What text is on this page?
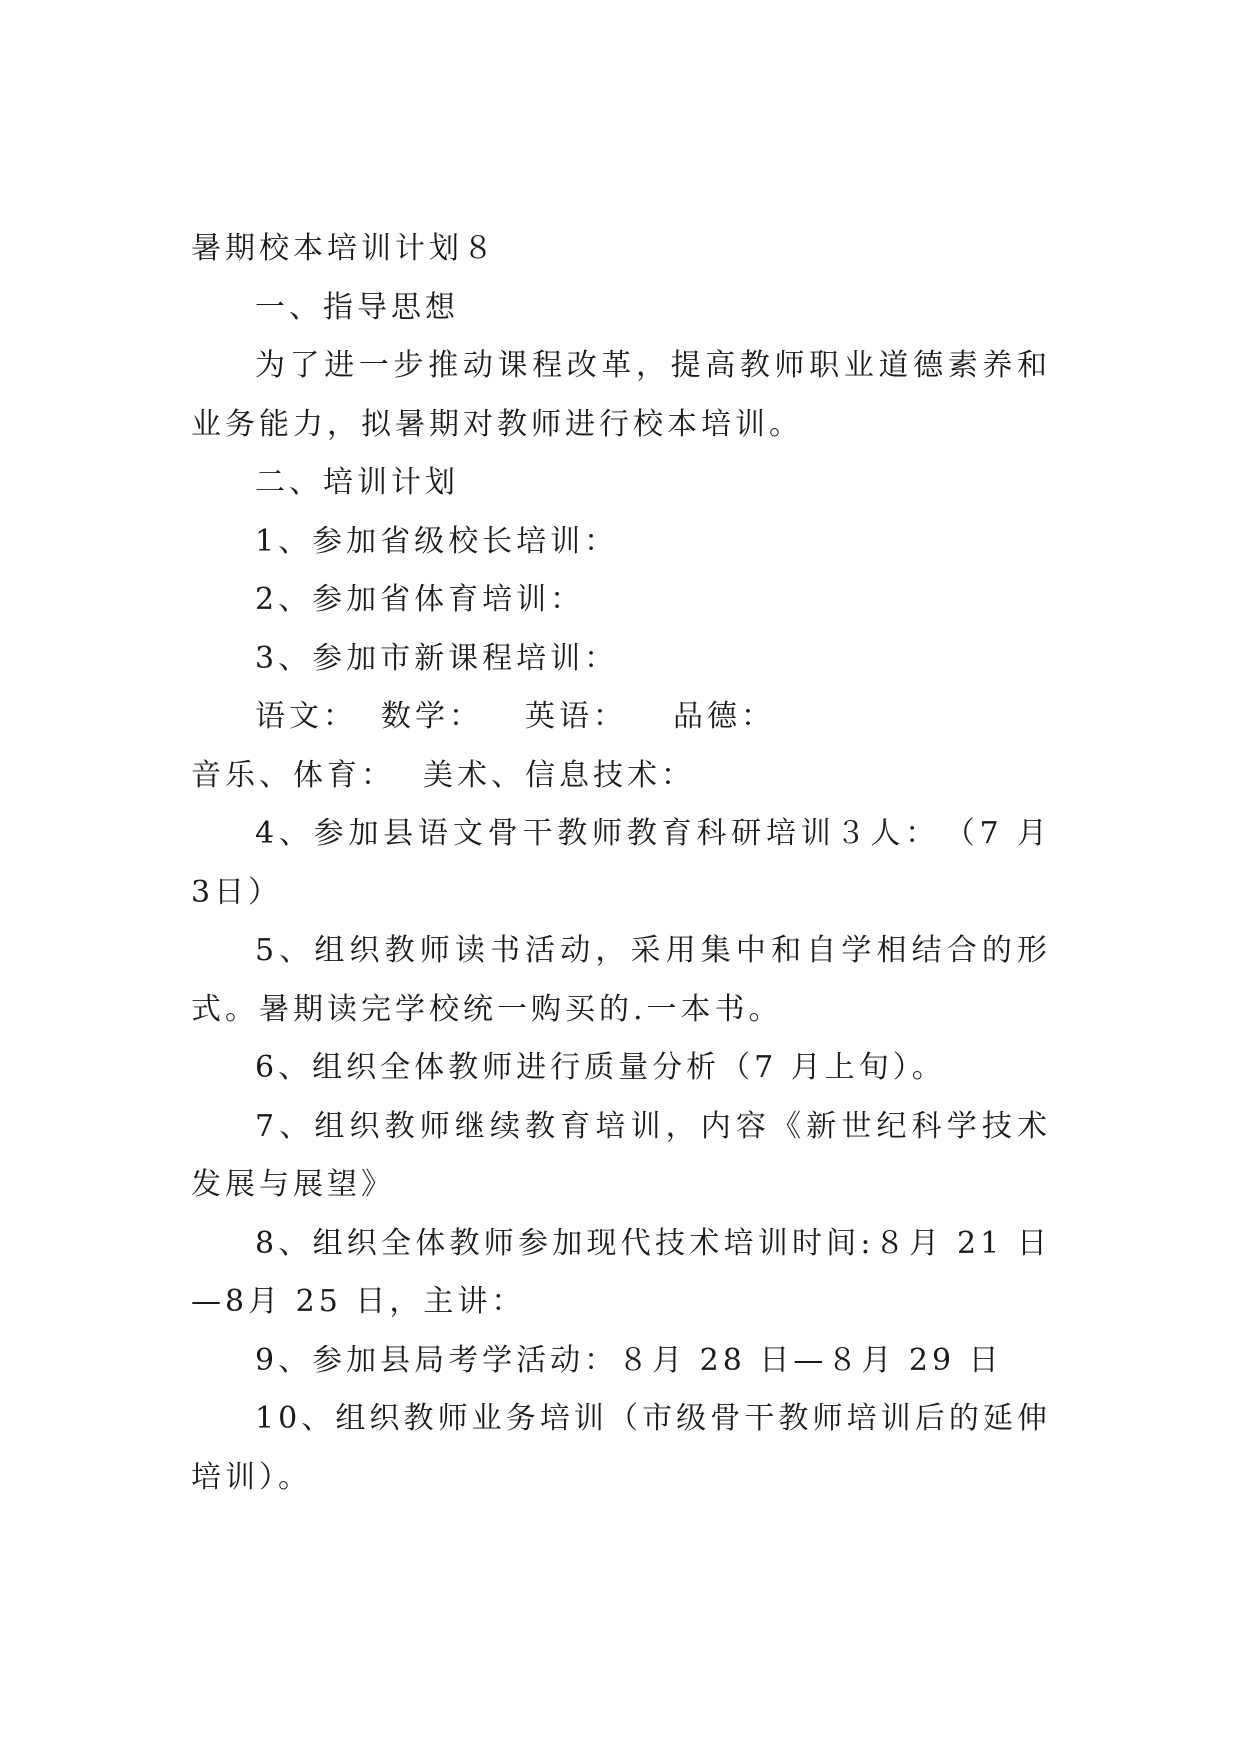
暑期校本培训计划８

一、指导思想

为了进一步推动课程改革，提高教师职业道德素养和业务能力，拟暑期对教师进行校本培训。

二、培训计划

1、参加省级校长培训：

2、参加省体育培训：

3、参加市新课程培训：

语文： 数学： 英语： 品德：音乐、体育： 美术、信息技术：

4、参加县语文骨干教师教育科研培训３人：　（7 月 3日）

5、组织教师读书活动，采用集中和自学相结合的形式。暑期读完学校统一购买的.一本书。

6、组织全体教师进行质量分析（7 月上旬）。

7、组织教师继续教育培训，内容《新世纪科学技术发展与展望》

8、组织全体教师参加现代技术培训时间:８月 21 日—8月 25 日，主讲：

9、参加县局考学活动：８月 28 日—８月 29 日

10、组织教师业务培训（市级骨干教师培训后的延伸培训）。
